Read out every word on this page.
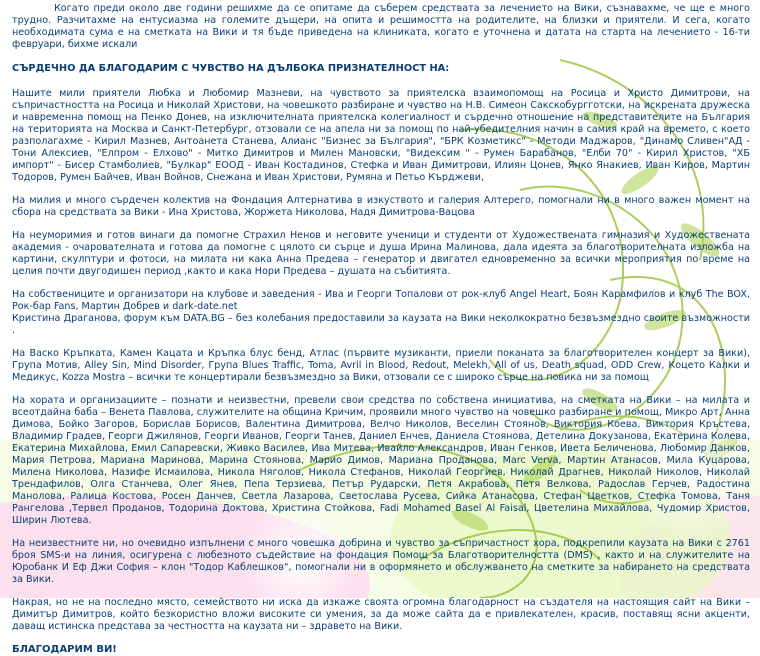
Когато преди около две години решихме да се опитаме да съберем средствата за лечението на Вики, съзнавахме, че ще е много трудно. Разчитахме на ентусиазма на големите дъщери, на опита и решимостта на родителите, на близки и приятели. И сега, когато необходимата сума е на сметката на Вики и тя бъде приведена на клиниката, когато е уточнена и датата на старта на лечението - 16-ти февруари, бихме искали

СЪРДЕЧНО ДА БЛАГОДАРИМ С ЧУВСТВО НА ДЪЛБОКА ПРИЗНАТЕЛНОСТ НА:

Нашите мили приятели Любка и Любомир Мазневи, на чувството за приятелска взаимопомощ на Росица и Христо Димитрови, на съпричастността на Росица и Николай Христови, на човешкото разбиране и чувство на Н.В. Симеон Сакскобургготски, на искрената дружеска и навременна помощ на Пенко Донев, на изключителната приятелска колегиалност и сърдечно отношение на представителите на България на територията на Москва и Санкт-Петербург, отзовали се на апела ни за помощ по най-убедителния начин в самия край на времето, с което разполагахме - Кирил Мазнев, Антоанета Станева, Алианс "Бизнес за България", "БРК Козметикс" - Методи Маджаров, "Динамо Сливен"АД - Тони Алексиев, "Елпром - Елхово" - Митко Димитров и Милен Мановски, "Видексим " - Румен Барабанов, "Елби 70" - Кирил Христов, "ХБ импорт" - Бисер Стамболиев, "Булкар" ЕООД - Иван Костадинов, Стефка и Иван Димитрови, Илиян Цонев, Янко Янакиев, Иван Киров, Мартин Тодоров, Румен Байчев, Иван Войнов, Снежана и Иван Христови, Румяна и Петьо Кърджеви,

На милия и много сърдечен колектив на Фондация Алтернатива в изкуството и галерия Алтерего, помогнали ни в много важен момент на сбора на средствата за Вики - Ина Христова, Жоржета Николова, Надя Димитрова-Вацова

На неуморимия и готов винаги да помогне Страхил Ненов и неговите ученици и студенти от Художествената гимназия и Художествената академия - очарователната и готова да помогне с цялото си сърце и душа Ирина Малинова, дала идеята за благотворителната изложба на картини, скулптури и фотоси, на милата ни кака Анна Предева – генератор и двигател едновременно за всички мероприятия по време на целия почти двугодишен период ,както и кака Нори Предева – душата на събитията.

На собствениците и организатори на клубове и заведения - Ива и Георги Топалови от рок-клуб Angel Heart, Боян Карамфилов и клуб The BOX, Рок-бар Fans, Мартин Добрев и dark-date.net
Кристина Драганова, форум към DATA.BG – без колебания предоставили за каузата на Вики неколкократно безвъзмездно своите възможности .

На Васко Кръпката, Камен Кацата и Кръпка блус бенд, Атлас (първите музиканти, приели поканата за благотворителен концерт за Вики), Група Мотив, Alley Sin, Mind Disorder, Група Blues Traffic, Toma, Avril in Blood, Redout, Melekh, All of us, Death squad, ODD Crew, Коцето Калки и Медикус, Kozza Mostra – всички те концертирали безвъзмездно за Вики, отзовали се с широко сърце на повика ни за помощ

На хората и организациите – познати и неизвестни, превели свои средства по собствена инициатива, на сметката на Вики – на милата и всеотдайна баба – Венета Павлова, служителите на община Кричим, проявили много чувство на човешко разбиране и помощ, Микро Арт, Анна Димова, Бойко Загоров, Борислав Борисов, Валентина Димитрова, Велчо Николов, Веселин Стоянов, Виктория Коева, Виктория Кръстева, Владимир Градев, Георги Джилянов, Георги Иванов, Георги Танев, Даниел Енчев, Даниела Стоянова, Детелина Докузанова, Екатерина Колева, Екатерина Михайлова, Емил Сапаревски, Живко Василев, Ива Митева, Ивайло Александров, Иван Генков, Ивета Беличенова, Любомир Данков, Мария Петрова, Мариана Маринова, Марина Стоянова, Марио Димов, Мариана Проданова, Marc Verva, Мартин Атанасов, Мила Куцарова, Милена Николова, Назифе Исмаилова, Никола Няголов, Никола Стефанов, Николай Георгиев, Николай Драгнев, Николай Николов, Николай Трендафилов, Олга Станчева, Олег Янев, Пепа Терзиева, Петър Рударски, Петя Акрабова, Петя Велкова, Радослав Герчев, Радостина Манолова, Ралица Костова, Росен Данчев, Светла Лазарова, Светослава Русева, Сийка Атанасова, Стефан Цветков, Стефка Томова, Таня Рангелова ,Тервел Проданов, Тодорина Доктова, Христина Стойкова, Fadi Mohamed Basel Al Faisal, Цветелина Михайлова, Чудомир Христов, Ширин Лютева.

На неизвестните ни, но очевидно изпълнени с много човешка добрина и чувство за съпричастност хора, подкрепили каузата на Вики с 2761 броя SMS-и на линия, осигурена с любезното съдействие на фондация Помощ за Благотворителността (DMS) , както и на служителите на Юробанк И Еф Джи София – клон "Тодор Каблешков", помогнали ни в оформянето и обслужването на сметките за набирането на средствата за Вики.

Накрая, но не на последно място, семейството ни иска да изкаже своята огромна благодарност на създателя на настоящия сайт на Вики – Димитър Димитров, който безкористно вложи високите си умения, за да може сайта да е привлекателен, красив, поставящ ясни акценти, даващ истинска представа за честността на каузата ни – здравето на Вики.

БЛАГОДАРИМ ВИ!
